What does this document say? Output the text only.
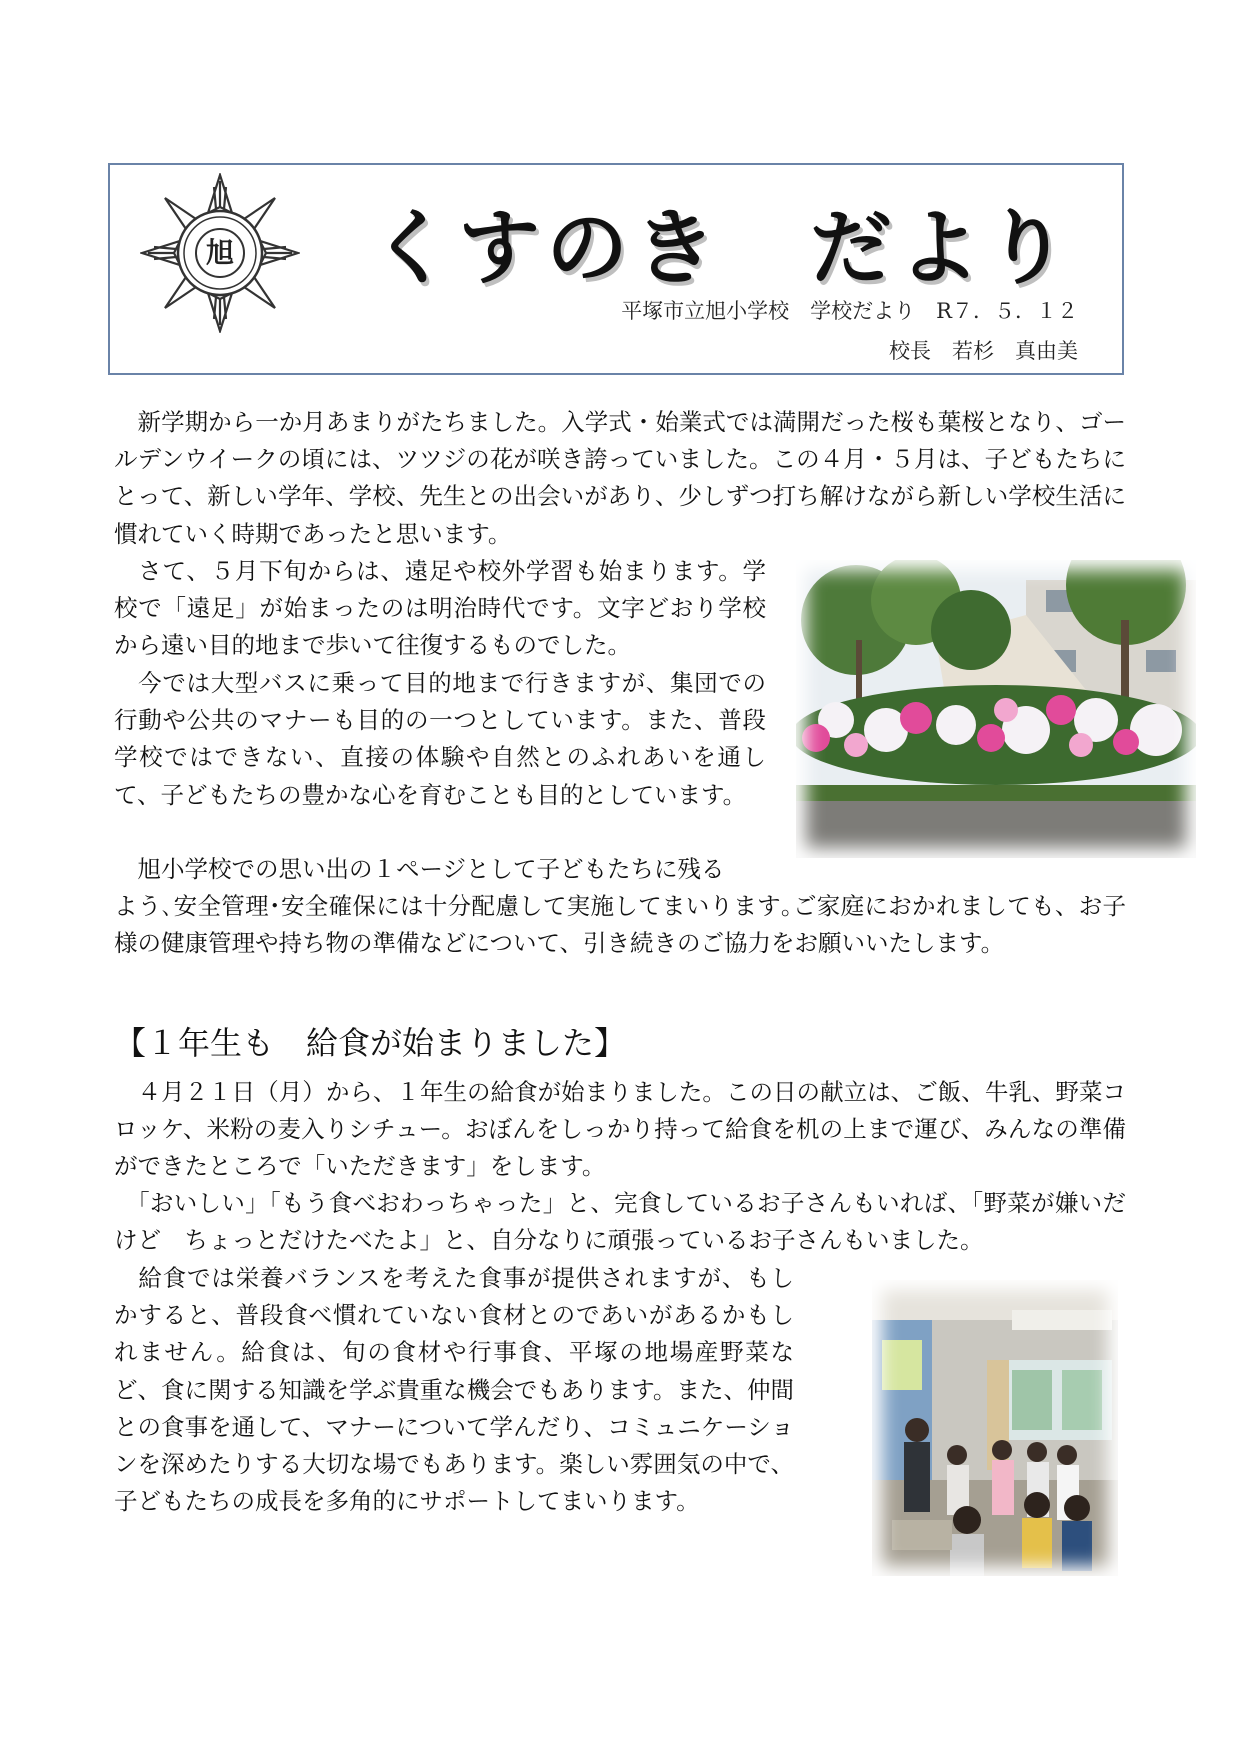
旭	くすのき　だより
平塚市立旭小学校　学校だより　R７．５．１２
校長　若杉　真由美

　新学期から一か月あまりがたちました。入学式・始業式では満開だった桜も葉桜となり、ゴールデンウイークの頃には、ツツジの花が咲き誇っていました。この４月・５月は、子どもたちにとって、新しい学年、学校、先生との出会いがあり、少しずつ打ち解けながら新しい学校生活に慣れていく時期であったと思います。

　さて、５月下旬からは、遠足や校外学習も始まります。学校で「遠足」が始まったのは明治時代です。文字どおり学校から遠い目的地まで歩いて往復するものでした。

　今では大型バスに乗って目的地まで行きますが、集団での行動や公共のマナーも目的の一つとしています。また、普段学校ではできない、直接の体験や自然とのふれあいを通して、子どもたちの豊かな心を育むことも目的としています。

　旭小学校での思い出の１ページとして子どもたちに残る

よう､安全管理･安全確保には十分配慮して実施してまいります｡ご家庭におかれましても、お子様の健康管理や持ち物の準備などについて、引き続きのご協力をお願いいたします。

【１年生も　給食が始まりました】

　４月２１日（月）から、１年生の給食が始まりました。この日の献立は、ご飯、牛乳、野菜コロッケ、米粉の麦入りシチュー。おぼんをしっかり持って給食を机の上まで運び、みんなの準備ができたところで「いただきます」をします。

　「おいしい」「もう食べおわっちゃった」と、完食しているお子さんもいれば、「野菜が嫌いだけど　ちょっとだけたべたよ」と、自分なりに頑張っているお子さんもいました。

　給食では栄養バランスを考えた食事が提供されますが、もしかすると、普段食べ慣れていない食材とのであいがあるかもしれません。給食は、旬の食材や行事食、平塚の地場産野菜など、食に関する知識を学ぶ貴重な機会でもあります。また、仲間との食事を通して、マナーについて学んだり、コミュニケーションを深めたりする大切な場でもあります。楽しい雰囲気の中で、子どもたちの成長を多角的にサポートしてまいります。
